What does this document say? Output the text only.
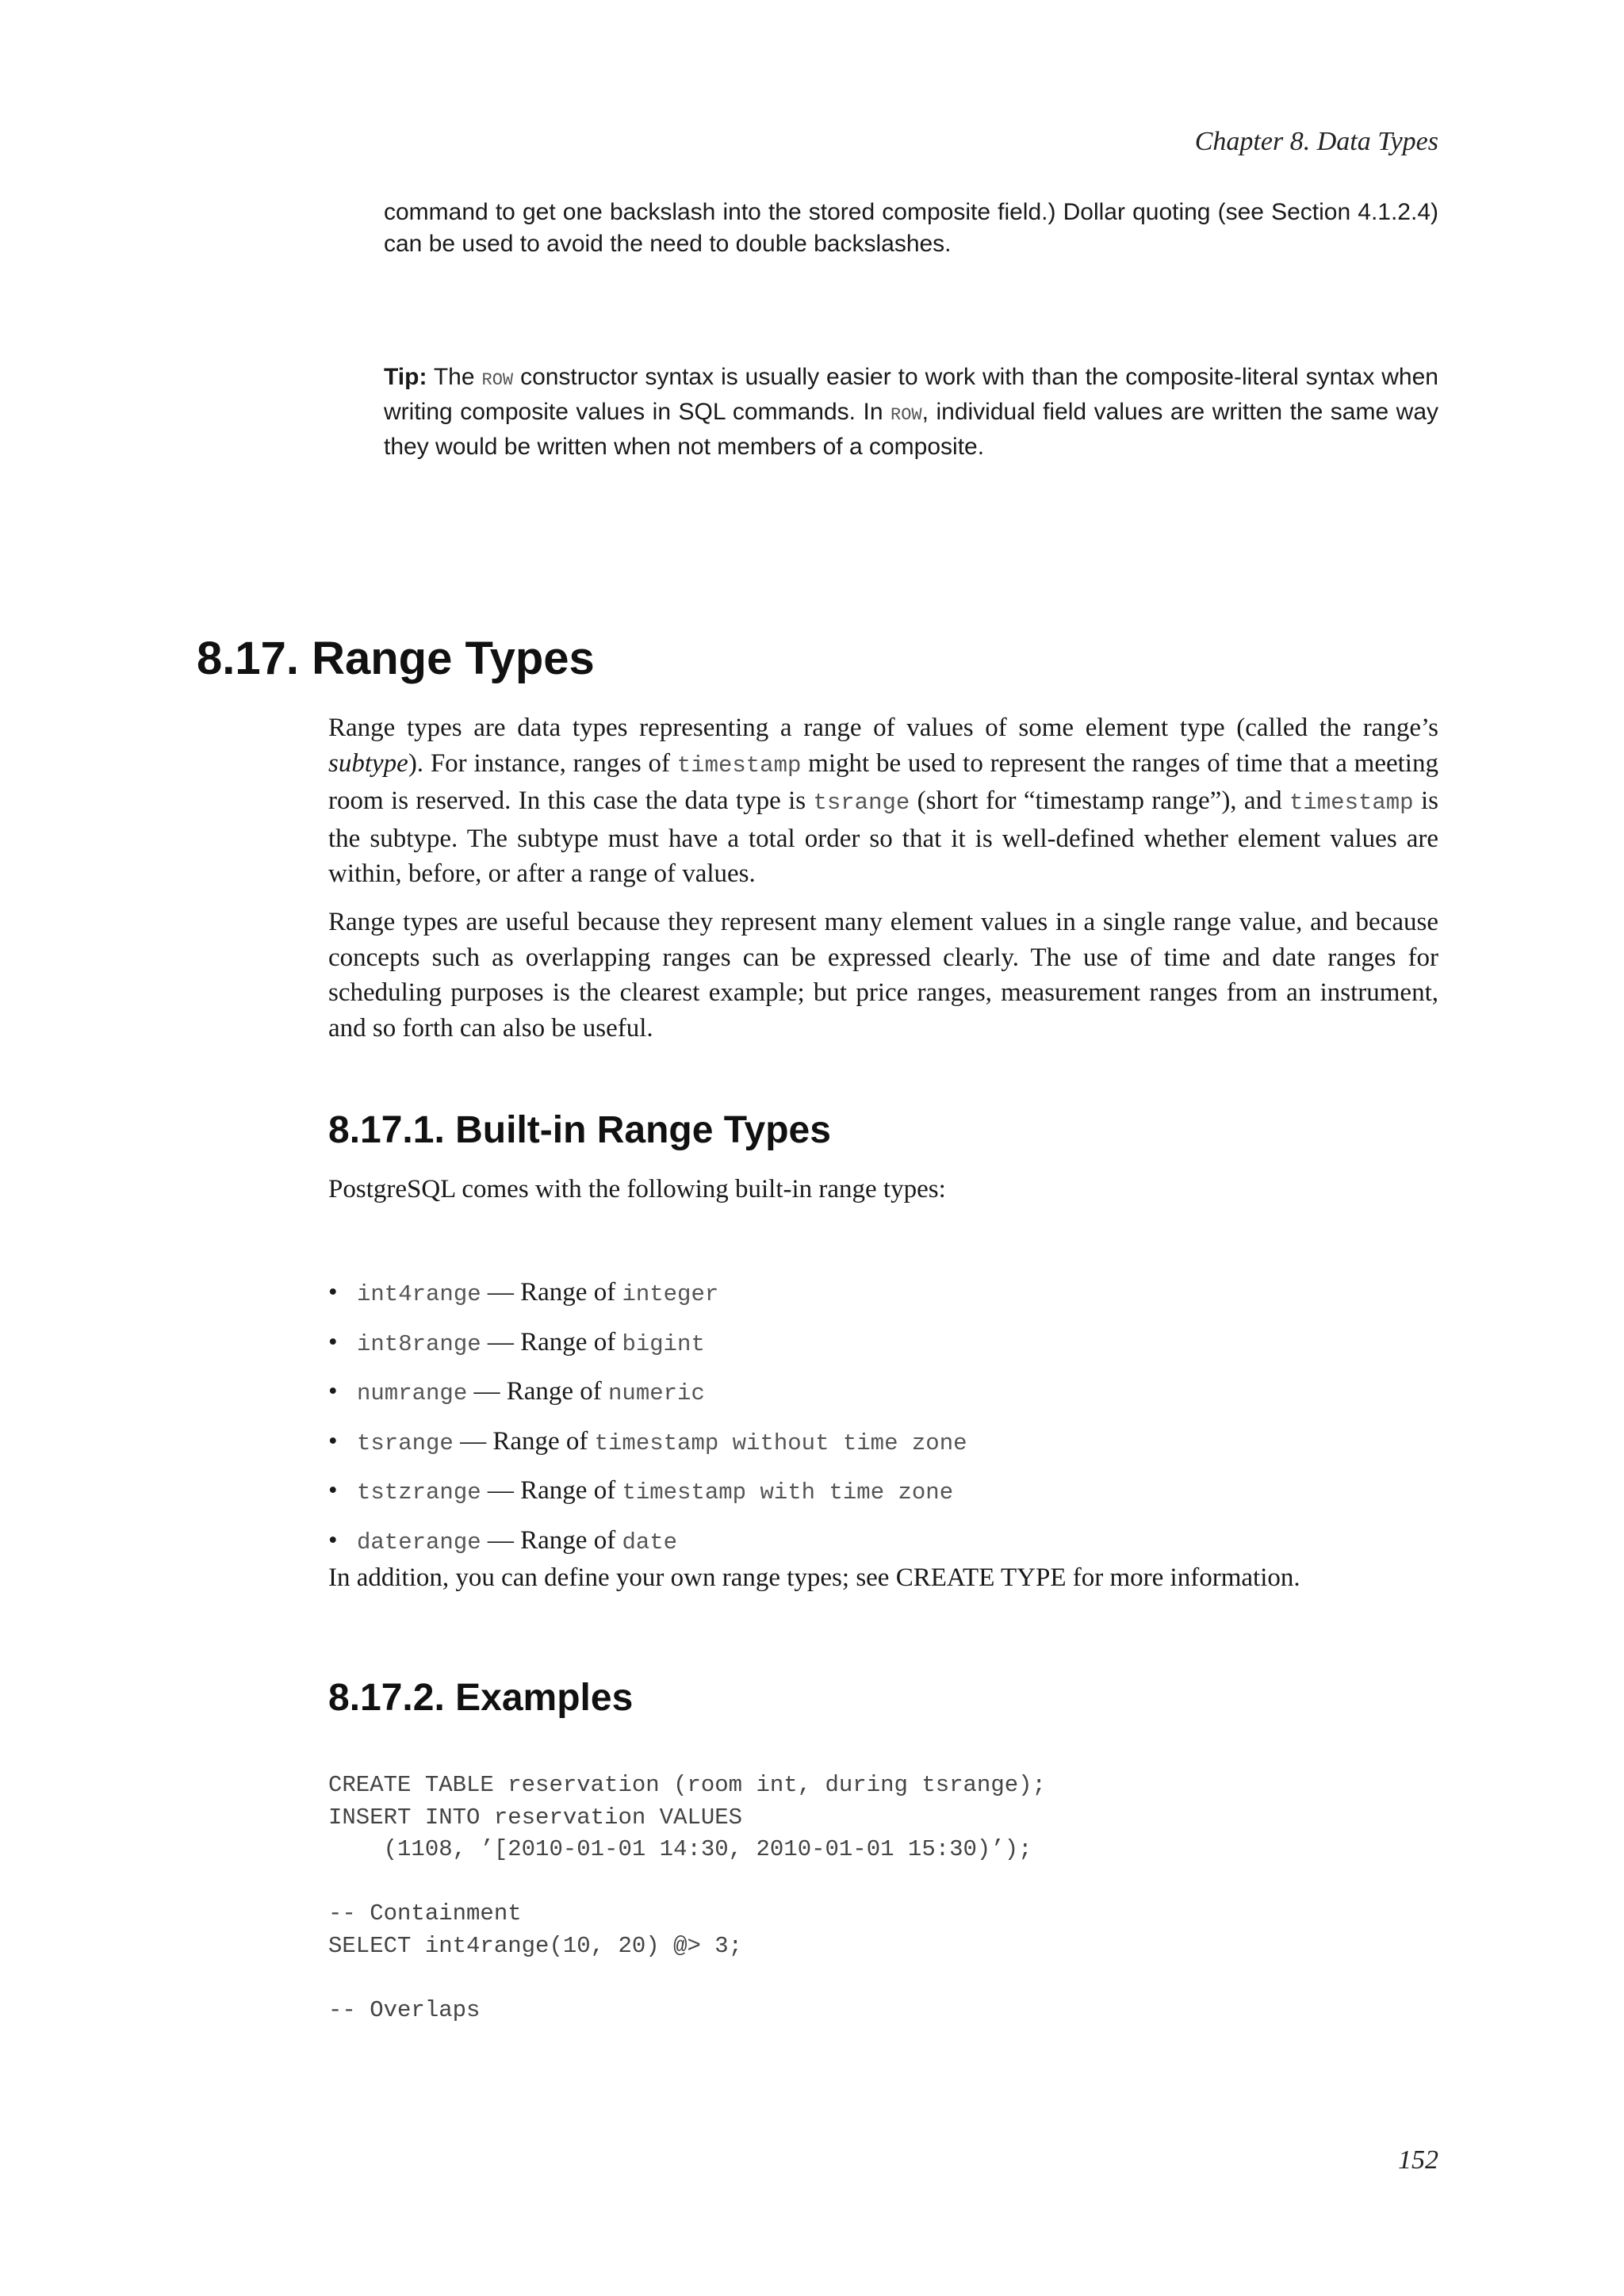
Chapter 8. Data Types

command to get one backslash into the stored composite field.) Dollar quoting (see Section 4.1.2.4) can be used to avoid the need to double backslashes.

Tip: The ROW constructor syntax is usually easier to work with than the composite-literal syntax when writing composite values in SQL commands. In ROW, individual field values are written the same way they would be written when not members of a composite.

8.17. Range Types

Range types are data types representing a range of values of some element type (called the range’s subtype). For instance, ranges of timestamp might be used to represent the ranges of time that a meeting room is reserved. In this case the data type is tsrange (short for “timestamp range”), and timestamp is the subtype. The subtype must have a total order so that it is well-defined whether element values are within, before, or after a range of values.

Range types are useful because they represent many element values in a single range value, and because concepts such as overlapping ranges can be expressed clearly. The use of time and date ranges for scheduling purposes is the clearest example; but price ranges, measurement ranges from an instrument, and so forth can also be useful.

8.17.1. Built-in Range Types

PostgreSQL comes with the following built-in range types:

• int4range — Range of integer
• int8range — Range of bigint
• numrange — Range of numeric
• tsrange — Range of timestamp without time zone
• tstzrange — Range of timestamp with time zone
• daterange — Range of date

In addition, you can define your own range types; see CREATE TYPE for more information.

8.17.2. Examples
CREATE TABLE reservation (room int, during tsrange);
INSERT INTO reservation VALUES
(1108, ’[2010-01-01 14:30, 2010-01-01 15:30)’);
-- Containment
SELECT int4range(10, 20) @> 3;
-- Overlaps
152
